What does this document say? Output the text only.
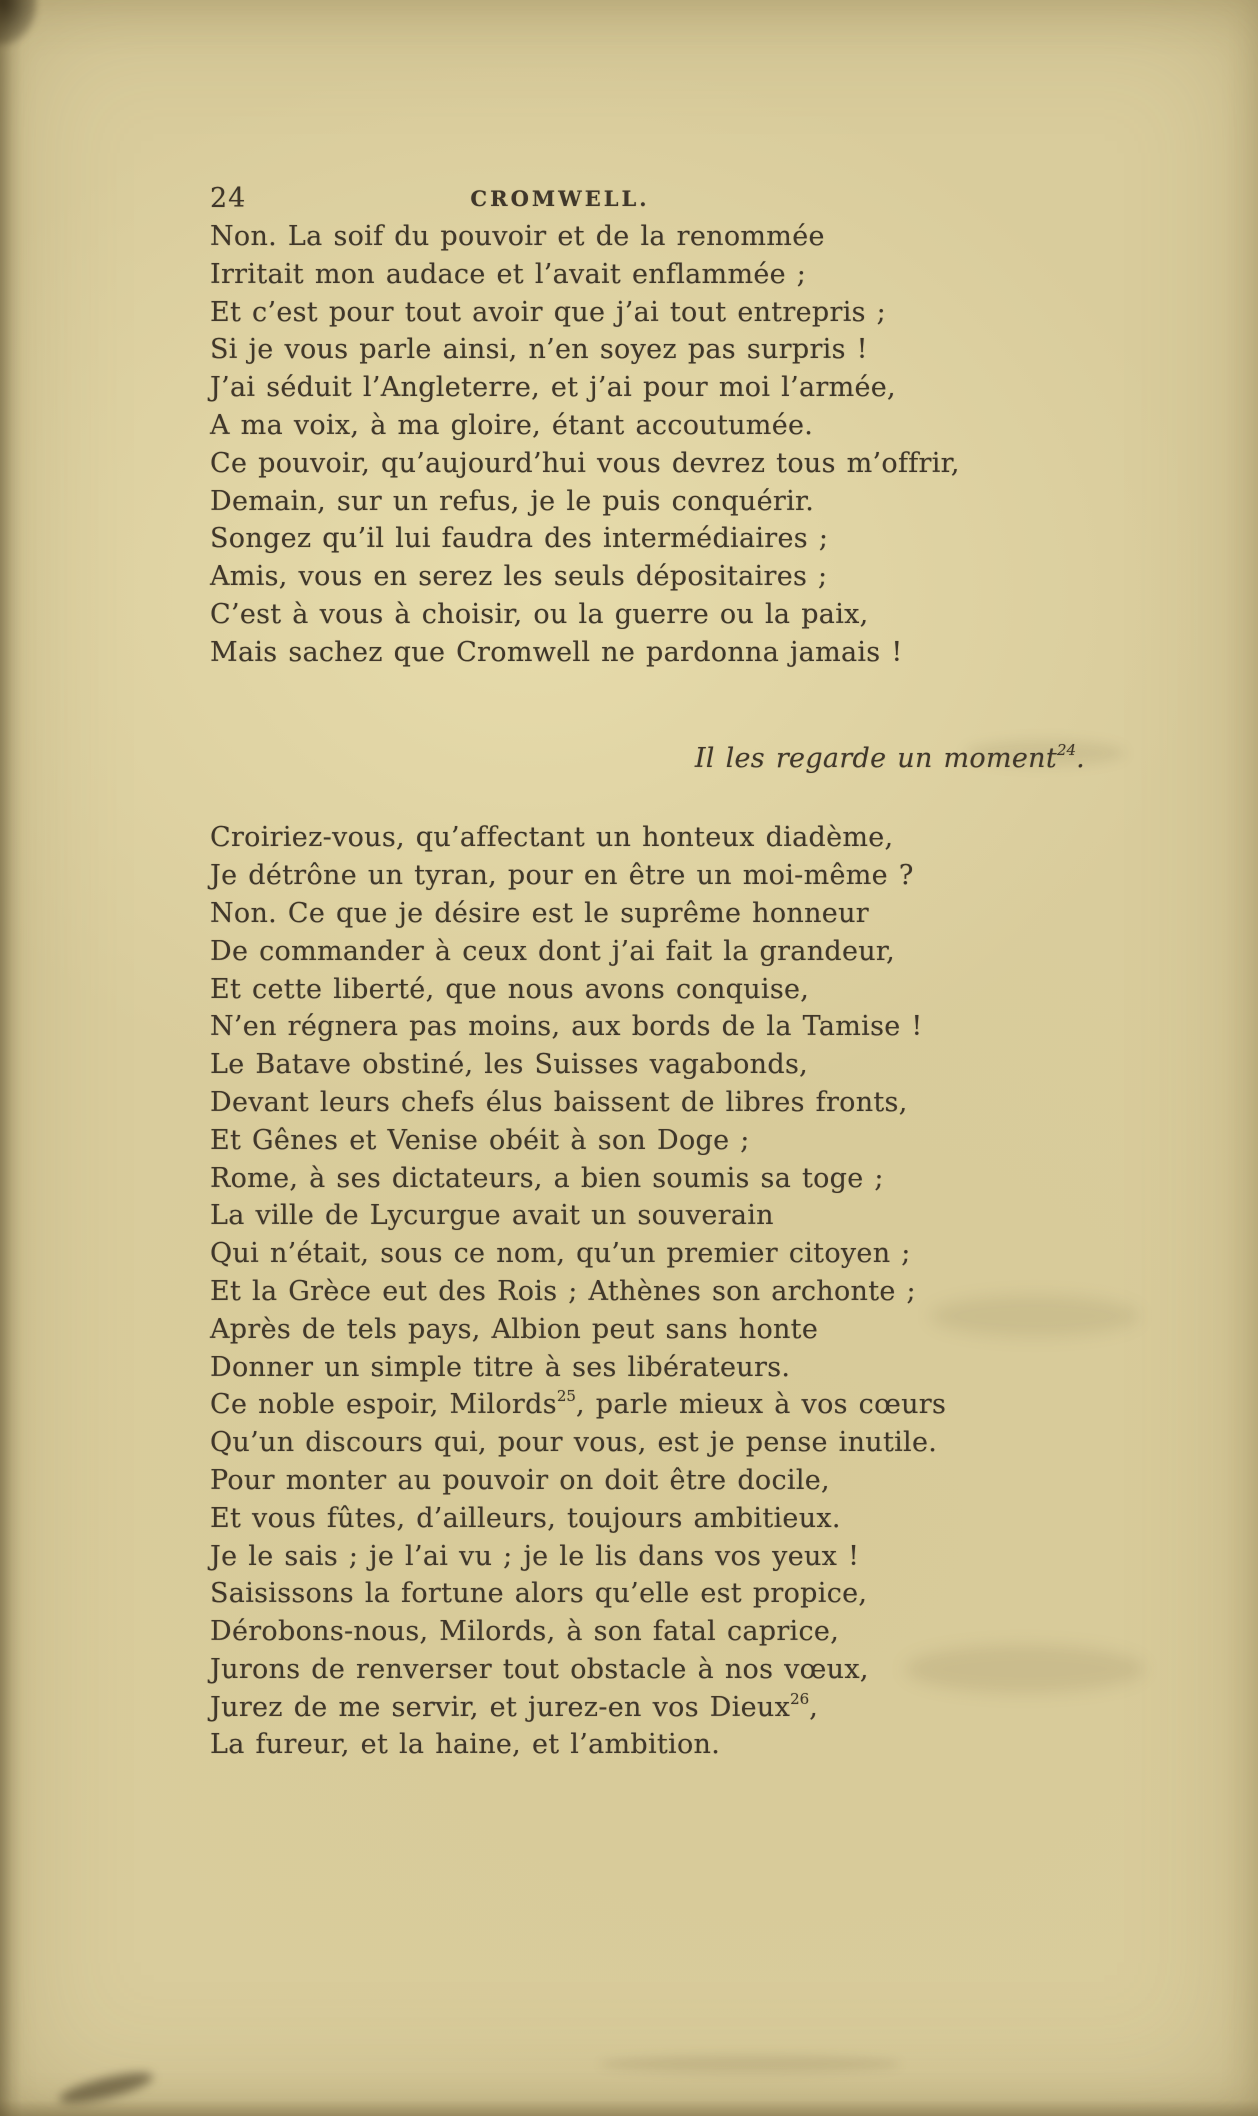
24	CROMWELL.
Non. La soif du pouvoir et de la renommée
Irritait mon audace et l’avait enflammée ;
Et c’est pour tout avoir que j’ai tout entrepris ;
Si je vous parle ainsi, n’en soyez pas surpris !
J’ai séduit l’Angleterre, et j’ai pour moi l’armée,
A ma voix, à ma gloire, étant accoutumée.
Ce pouvoir, qu’aujourd’hui vous devrez tous m’offrir,
Demain, sur un refus, je le puis conquérir.
Songez qu’il lui faudra des intermédiaires ;
Amis, vous en serez les seuls dépositaires ;
C’est à vous à choisir, ou la guerre ou la paix,
Mais sachez que Cromwell ne pardonna jamais !
Il les regarde un moment$^{24}$.
Croiriez-vous, qu’affectant un honteux diadème,
Je détrône un tyran, pour en être un moi-même ?
Non. Ce que je désire est le suprême honneur
De commander à ceux dont j’ai fait la grandeur,
Et cette liberté, que nous avons conquise,
N’en régnera pas moins, aux bords de la Tamise !
Le Batave obstiné, les Suisses vagabonds,
Devant leurs chefs élus baissent de libres fronts,
Et Gênes et Venise obéit à son Doge ;
Rome, à ses dictateurs, a bien soumis sa toge ;
La ville de Lycurgue avait un souverain
Qui n’était, sous ce nom, qu’un premier citoyen ;
Et la Grèce eut des Rois ; Athènes son archonte ;
Après de tels pays, Albion peut sans honte
Donner un simple titre à ses libérateurs.
Ce noble espoir, Milords$^{25}$, parle mieux à vos cœurs
Qu’un discours qui, pour vous, est je pense inutile.
Pour monter au pouvoir on doit être docile,
Et vous fûtes, d’ailleurs, toujours ambitieux.
Je le sais ; je l’ai vu ; je le lis dans vos yeux !
Saisissons la fortune alors qu’elle est propice,
Dérobons-nous, Milords, à son fatal caprice,
Jurons de renverser tout obstacle à nos vœux,
Jurez de me servir, et jurez-en vos Dieux$^{26}$,
La fureur, et la haine, et l’ambition.
